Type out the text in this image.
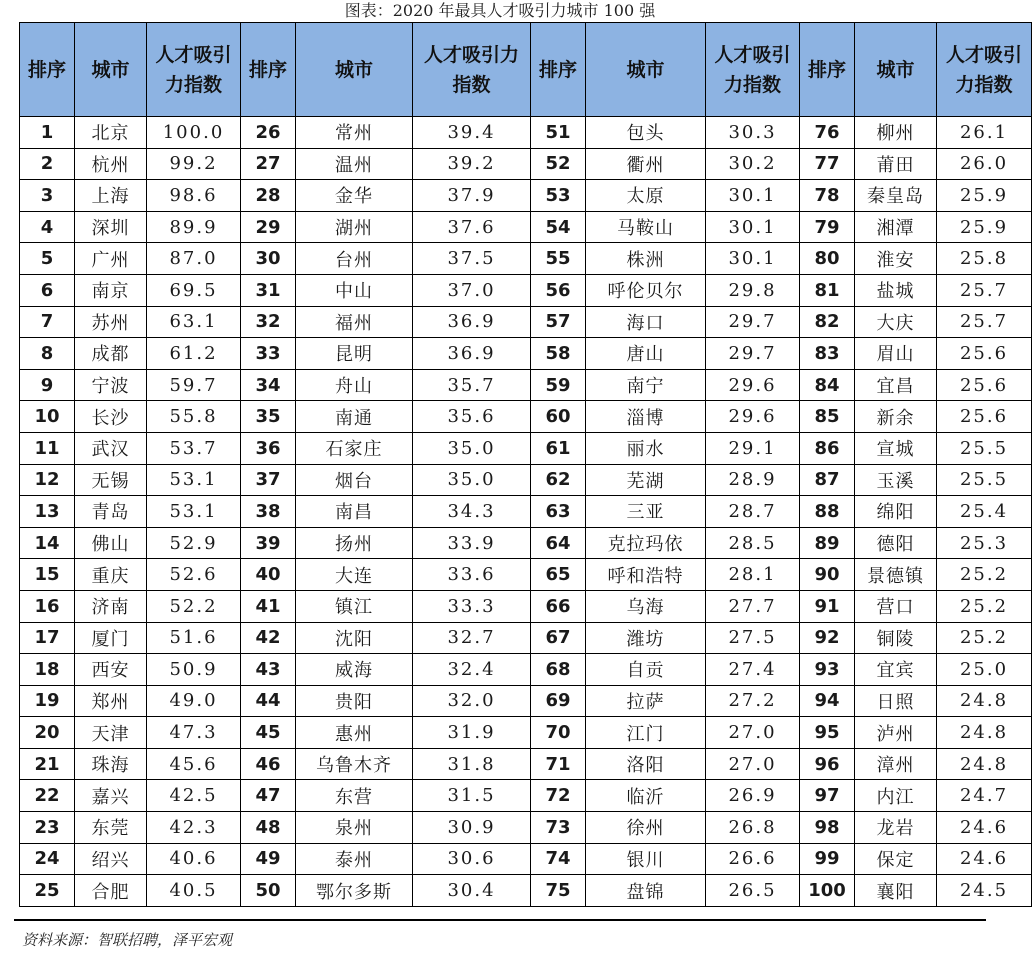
图表：2020 年最具人才吸引力城市 100 强
排序	城市	人才吸引力指数	排序	城市	人才吸引力指数	排序	城市	人才吸引力指数	排序	城市	人才吸引力指数
1	北京	100.0	26	常州	39.4	51	包头	30.3	76	柳州	26.1
2	杭州	99.2	27	温州	39.2	52	衢州	30.2	77	莆田	26.0
3	上海	98.6	28	金华	37.9	53	太原	30.1	78	秦皇岛	25.9
4	深圳	89.9	29	湖州	37.6	54	马鞍山	30.1	79	湘潭	25.9
5	广州	87.0	30	台州	37.5	55	株洲	30.1	80	淮安	25.8
6	南京	69.5	31	中山	37.0	56	呼伦贝尔	29.8	81	盐城	25.7
7	苏州	63.1	32	福州	36.9	57	海口	29.7	82	大庆	25.7
8	成都	61.2	33	昆明	36.9	58	唐山	29.7	83	眉山	25.6
9	宁波	59.7	34	舟山	35.7	59	南宁	29.6	84	宜昌	25.6
10	长沙	55.8	35	南通	35.6	60	淄博	29.6	85	新余	25.6
11	武汉	53.7	36	石家庄	35.0	61	丽水	29.1	86	宣城	25.5
12	无锡	53.1	37	烟台	35.0	62	芜湖	28.9	87	玉溪	25.5
13	青岛	53.1	38	南昌	34.3	63	三亚	28.7	88	绵阳	25.4
14	佛山	52.9	39	扬州	33.9	64	克拉玛依	28.5	89	德阳	25.3
15	重庆	52.6	40	大连	33.6	65	呼和浩特	28.1	90	景德镇	25.2
16	济南	52.2	41	镇江	33.3	66	乌海	27.7	91	营口	25.2
17	厦门	51.6	42	沈阳	32.7	67	潍坊	27.5	92	铜陵	25.2
18	西安	50.9	43	威海	32.4	68	自贡	27.4	93	宜宾	25.0
19	郑州	49.0	44	贵阳	32.0	69	拉萨	27.2	94	日照	24.8
20	天津	47.3	45	惠州	31.9	70	江门	27.0	95	泸州	24.8
21	珠海	45.6	46	乌鲁木齐	31.8	71	洛阳	27.0	96	漳州	24.8
22	嘉兴	42.5	47	东营	31.5	72	临沂	26.9	97	内江	24.7
23	东莞	42.3	48	泉州	30.9	73	徐州	26.8	98	龙岩	24.6
24	绍兴	40.6	49	泰州	30.6	74	银川	26.6	99	保定	24.6
25	合肥	40.5	50	鄂尔多斯	30.4	75	盘锦	26.5	100	襄阳	24.5
资料来源：智联招聘，泽平宏观
